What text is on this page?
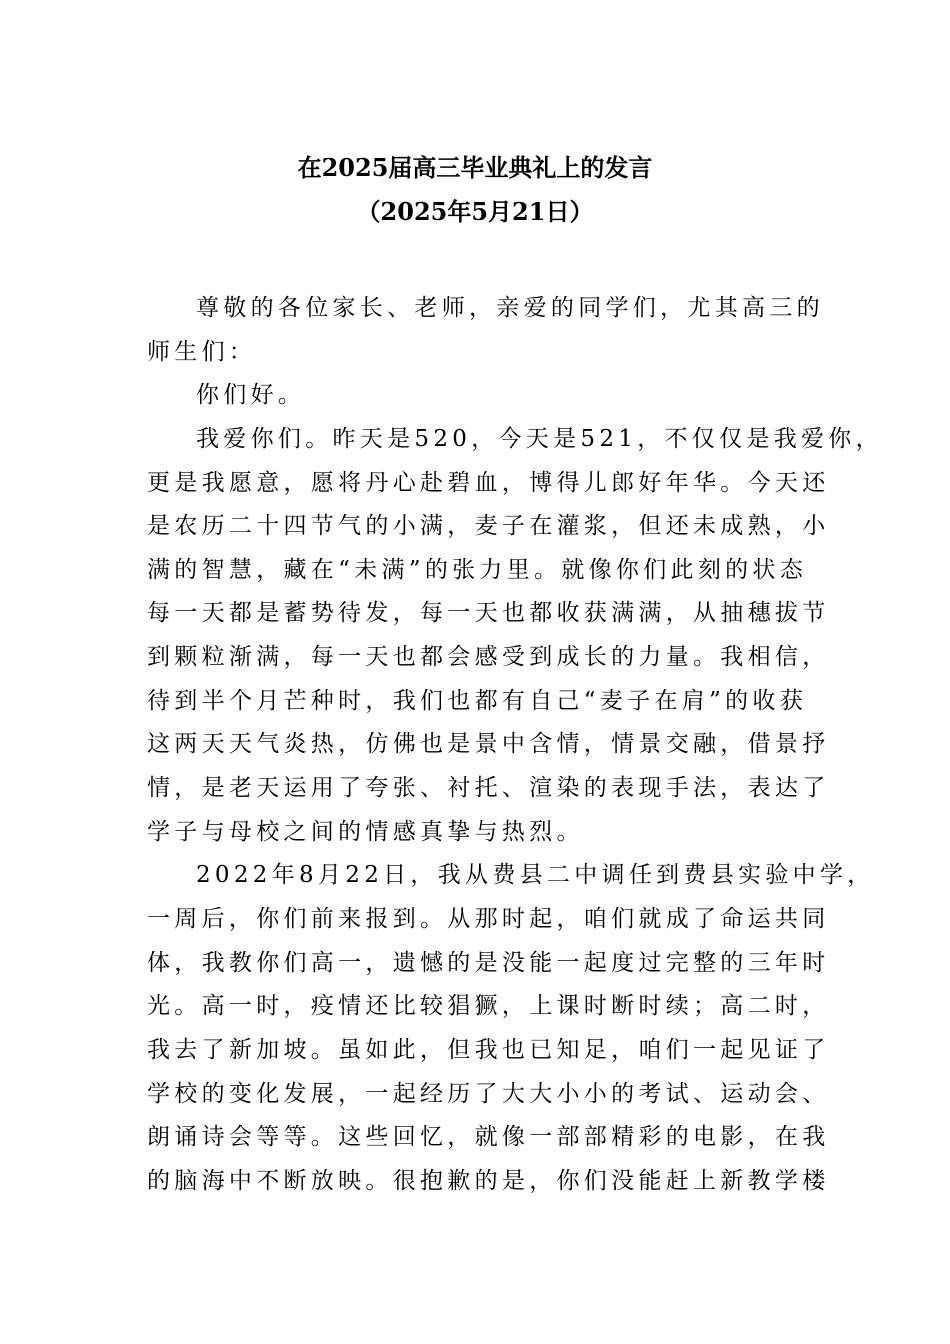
在2025届高三毕业典礼上的发言
（2025年5月21日）
尊敬的各位家长、老师，亲爱的同学们，尤其高三的
师生们：
你们好。
我爱你们。昨天是520，今天是521，不仅仅是我爱你，
更是我愿意，愿将丹心赴碧血，博得儿郎好年华。今天还
是农历二十四节气的小满，麦子在灌浆，但还未成熟，小
满的智慧，藏在“未满”的张力里。就像你们此刻的状态
每一天都是蓄势待发，每一天也都收获满满，从抽穗拔节
到颗粒渐满，每一天也都会感受到成长的力量。我相信，
待到半个月芒种时，我们也都有自己“麦子在肩”的收获
这两天天气炎热，仿佛也是景中含情，情景交融，借景抒
情，是老天运用了夸张、衬托、渲染的表现手法，表达了
学子与母校之间的情感真挚与热烈。
2022年8月22日，我从费县二中调任到费县实验中学，
一周后，你们前来报到。从那时起，咱们就成了命运共同
体，我教你们高一，遗憾的是没能一起度过完整的三年时
光。高一时，疫情还比较猖獗，上课时断时续；高二时，
我去了新加坡。虽如此，但我也已知足，咱们一起见证了
学校的变化发展，一起经历了大大小小的考试、运动会、
朗诵诗会等等。这些回忆，就像一部部精彩的电影，在我
的脑海中不断放映。很抱歉的是，你们没能赶上新教学楼
